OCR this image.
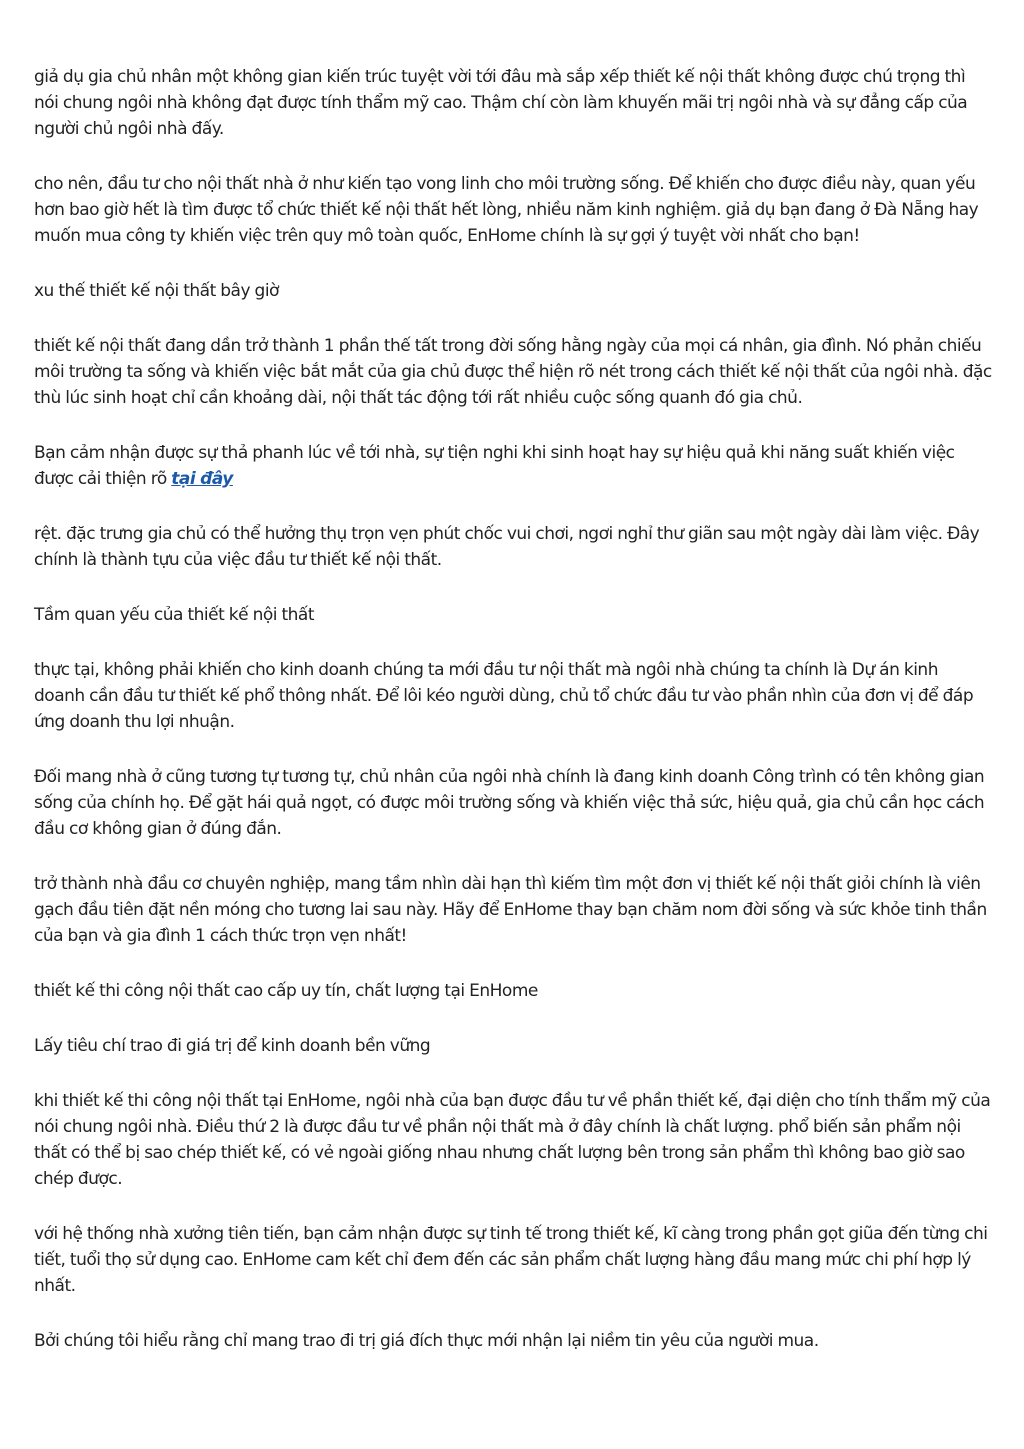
giả dụ gia chủ nhân một không gian kiến trúc tuyệt vời tới đâu mà sắp xếp thiết kế nội thất không được chú trọng thì nói chung ngôi nhà không đạt được tính thẩm mỹ cao. Thậm chí còn làm khuyến mãi trị ngôi nhà và sự đẳng cấp của người chủ ngôi nhà đấy.

cho nên, đầu tư cho nội thất nhà ở như kiến tạo vong linh cho môi trường sống. Để khiến cho được điều này, quan yếu hơn bao giờ hết là tìm được tổ chức thiết kế nội thất hết lòng, nhiều năm kinh nghiệm. giả dụ bạn đang ở Đà Nẵng hay muốn mua công ty khiến việc trên quy mô toàn quốc, EnHome chính là sự gợi ý tuyệt vời nhất cho bạn!

xu thế thiết kế nội thất bây giờ

thiết kế nội thất đang dần trở thành 1 phần thế tất trong đời sống hằng ngày của mọi cá nhân, gia đình. Nó phản chiếu môi trường ta sống và khiến việc bắt mắt của gia chủ được thể hiện rõ nét trong cách thiết kế nội thất của ngôi nhà. đặc thù lúc sinh hoạt chỉ cần khoảng dài, nội thất tác động tới rất nhiều cuộc sống quanh đó gia chủ.

Bạn cảm nhận được sự thả phanh lúc về tới nhà, sự tiện nghi khi sinh hoạt hay sự hiệu quả khi năng suất khiến việc được cải thiện rõ tại đây

rệt. đặc trưng gia chủ có thể hưởng thụ trọn vẹn phút chốc vui chơi, ngơi nghỉ thư giãn sau một ngày dài làm việc. Đây chính là thành tựu của việc đầu tư thiết kế nội thất.

Tầm quan yếu của thiết kế nội thất

thực tại, không phải khiến cho kinh doanh chúng ta mới đầu tư nội thất mà ngôi nhà chúng ta chính là Dự án kinh doanh cần đầu tư thiết kế phổ thông nhất. Để lôi kéo người dùng, chủ tổ chức đầu tư vào phần nhìn của đơn vị để đáp ứng doanh thu lợi nhuận.

Đối mang nhà ở cũng tương tự tương tự, chủ nhân của ngôi nhà chính là đang kinh doanh Công trình có tên không gian sống của chính họ. Để gặt hái quả ngọt, có được môi trường sống và khiến việc thả sức, hiệu quả, gia chủ cần học cách đầu cơ không gian ở đúng đắn.

trở thành nhà đầu cơ chuyên nghiệp, mang tầm nhìn dài hạn thì kiếm tìm một đơn vị thiết kế nội thất giỏi chính là viên gạch đầu tiên đặt nền móng cho tương lai sau này. Hãy để EnHome thay bạn chăm nom đời sống và sức khỏe tinh thần của bạn và gia đình 1 cách thức trọn vẹn nhất!

thiết kế thi công nội thất cao cấp uy tín, chất lượng tại EnHome

Lấy tiêu chí trao đi giá trị để kinh doanh bền vững

khi thiết kế thi công nội thất tại EnHome, ngôi nhà của bạn được đầu tư về phần thiết kế, đại diện cho tính thẩm mỹ của nói chung ngôi nhà. Điều thứ 2 là được đầu tư về phần nội thất mà ở đây chính là chất lượng. phổ biến sản phẩm nội thất có thể bị sao chép thiết kế, có vẻ ngoài giống nhau nhưng chất lượng bên trong sản phẩm thì không bao giờ sao chép được.

với hệ thống nhà xưởng tiên tiến, bạn cảm nhận được sự tinh tế trong thiết kế, kĩ càng trong phần gọt giũa đến từng chi tiết, tuổi thọ sử dụng cao. EnHome cam kết chỉ đem đến các sản phẩm chất lượng hàng đầu mang mức chi phí hợp lý nhất.

Bởi chúng tôi hiểu rằng chỉ mang trao đi trị giá đích thực mới nhận lại niềm tin yêu của người mua.
